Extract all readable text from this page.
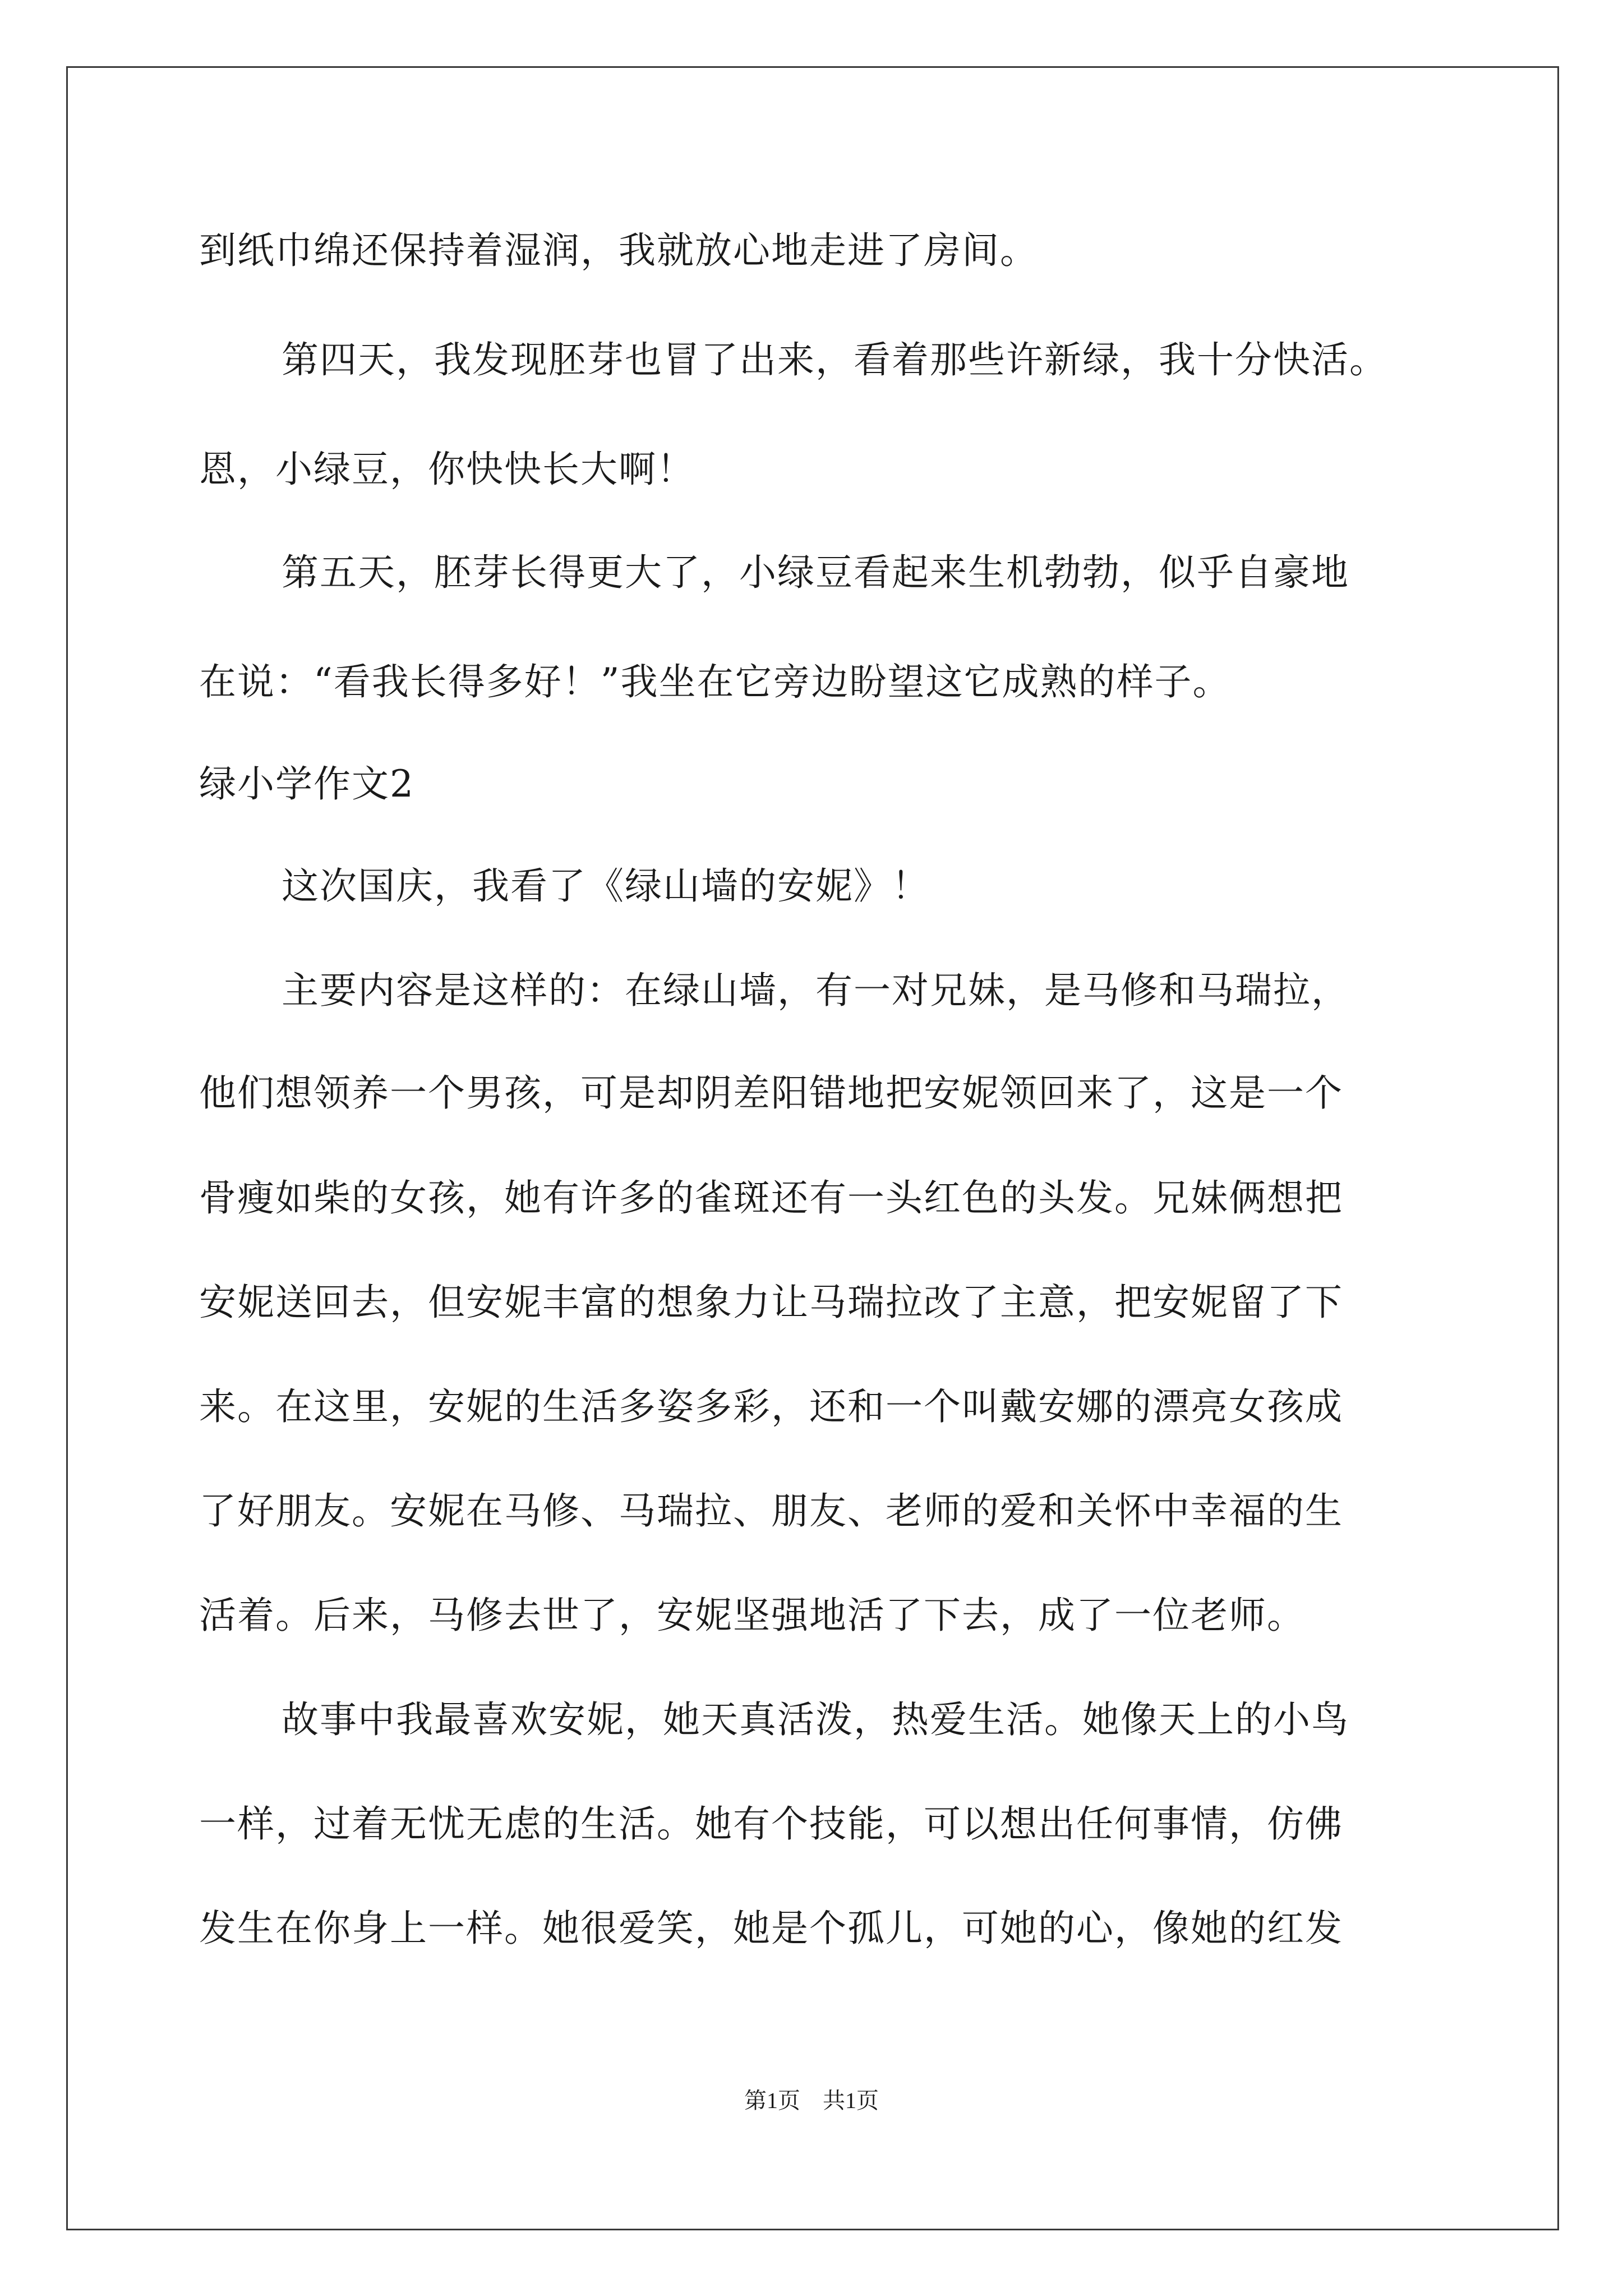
到纸巾绵还保持着湿润，我就放心地走进了房间。

第四天，我发现胚芽也冒了出来，看着那些许新绿，我十分快活。

恩，小绿豆，你快快长大啊！

第五天，胚芽长得更大了，小绿豆看起来生机勃勃，似乎自豪地

在说：“看我长得多好！”我坐在它旁边盼望这它成熟的样子。

绿小学作文2

这次国庆，我看了《绿山墙的安妮》！

主要内容是这样的：在绿山墙，有一对兄妹，是马修和马瑞拉，

他们想领养一个男孩，可是却阴差阳错地把安妮领回来了，这是一个

骨瘦如柴的女孩，她有许多的雀斑还有一头红色的头发。兄妹俩想把

安妮送回去，但安妮丰富的想象力让马瑞拉改了主意，把安妮留了下

来。在这里，安妮的生活多姿多彩，还和一个叫戴安娜的漂亮女孩成

了好朋友。安妮在马修、马瑞拉、朋友、老师的爱和关怀中幸福的生

活着。后来，马修去世了，安妮坚强地活了下去，成了一位老师。

故事中我最喜欢安妮，她天真活泼，热爱生活。她像天上的小鸟

一样，过着无忧无虑的生活。她有个技能，可以想出任何事情，仿佛

发生在你身上一样。她很爱笑，她是个孤儿，可她的心，像她的红发

第1页　共1页
